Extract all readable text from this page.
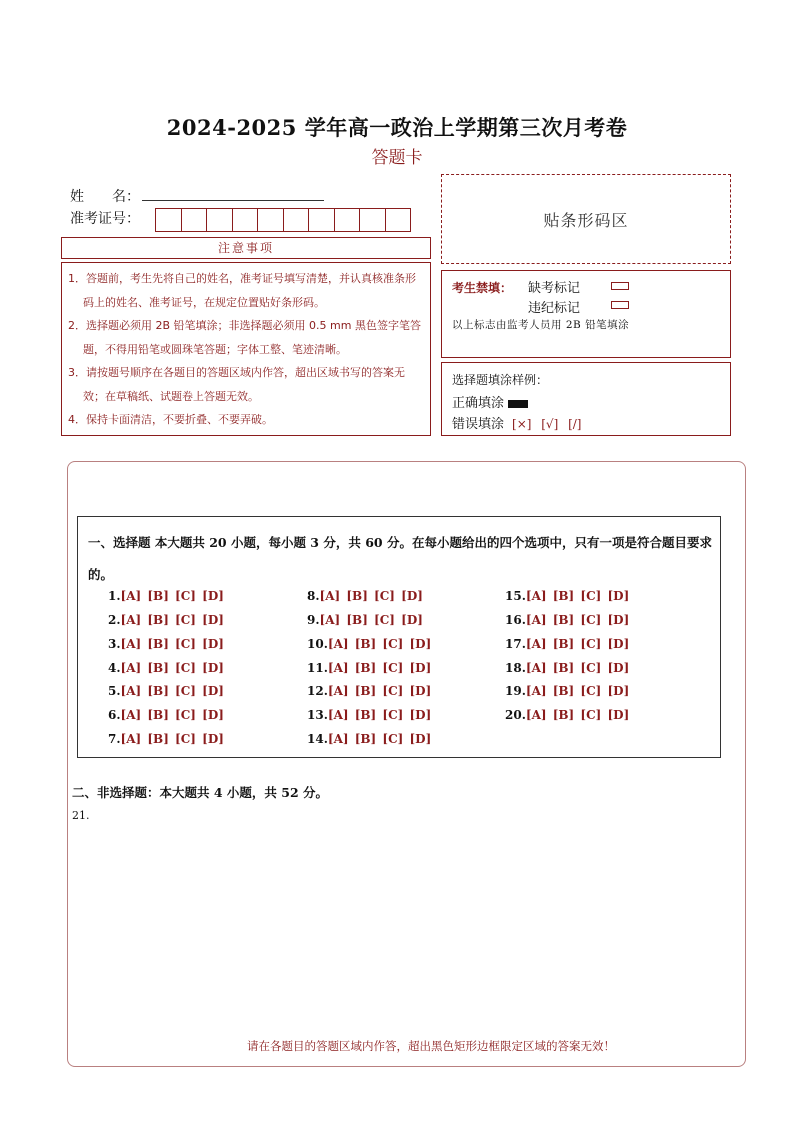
2024-2025 学年高一政治上学期第三次月考卷
答题卡
姓　　名：
准考证号：	贴条形码区
注意事项
1．答题前，考生先将自己的姓名，准考证号填写清楚，并认真核准条形码上的姓名、准考证号，在规定位置贴好条形码。
2．选择题必须用 2B 铅笔填涂；非选择题必须用 0.5 mm 黑色签字笔答题，不得用铅笔或圆珠笔答题；字体工整、笔迹清晰。
3．请按题号顺序在各题目的答题区域内作答，超出区域书写的答案无效；在草稿纸、试题卷上答题无效。
4．保持卡面清洁，不要折叠、不要弄破。
考生禁填： 缺考标记
违纪标记
以上标志由监考人员用 2B 铅笔填涂
选择题填涂样例：
正确填涂
错误填涂 [×] [√] [/]
一、选择题 本大题共 20 小题，每小题 3 分，共 60 分。在每小题给出的四个选项中，只有一项是符合题目要求的。
1.[A] [B] [C] [D]
2.[A] [B] [C] [D]
3.[A] [B] [C] [D]
4.[A] [B] [C] [D]
5.[A] [B] [C] [D]
6.[A] [B] [C] [D]
7.[A] [B] [C] [D]
8.[A] [B] [C] [D]
9.[A] [B] [C] [D]
10.[A] [B] [C] [D]
11.[A] [B] [C] [D]
12.[A] [B] [C] [D]
13.[A] [B] [C] [D]
14.[A] [B] [C] [D]
15.[A] [B] [C] [D]
16.[A] [B] [C] [D]
17.[A] [B] [C] [D]
18.[A] [B] [C] [D]
19.[A] [B] [C] [D]
20.[A] [B] [C] [D]
二、非选择题：本大题共 4 小题，共 52 分。
21.
请在各题目的答题区域内作答，超出黑色矩形边框限定区域的答案无效！
